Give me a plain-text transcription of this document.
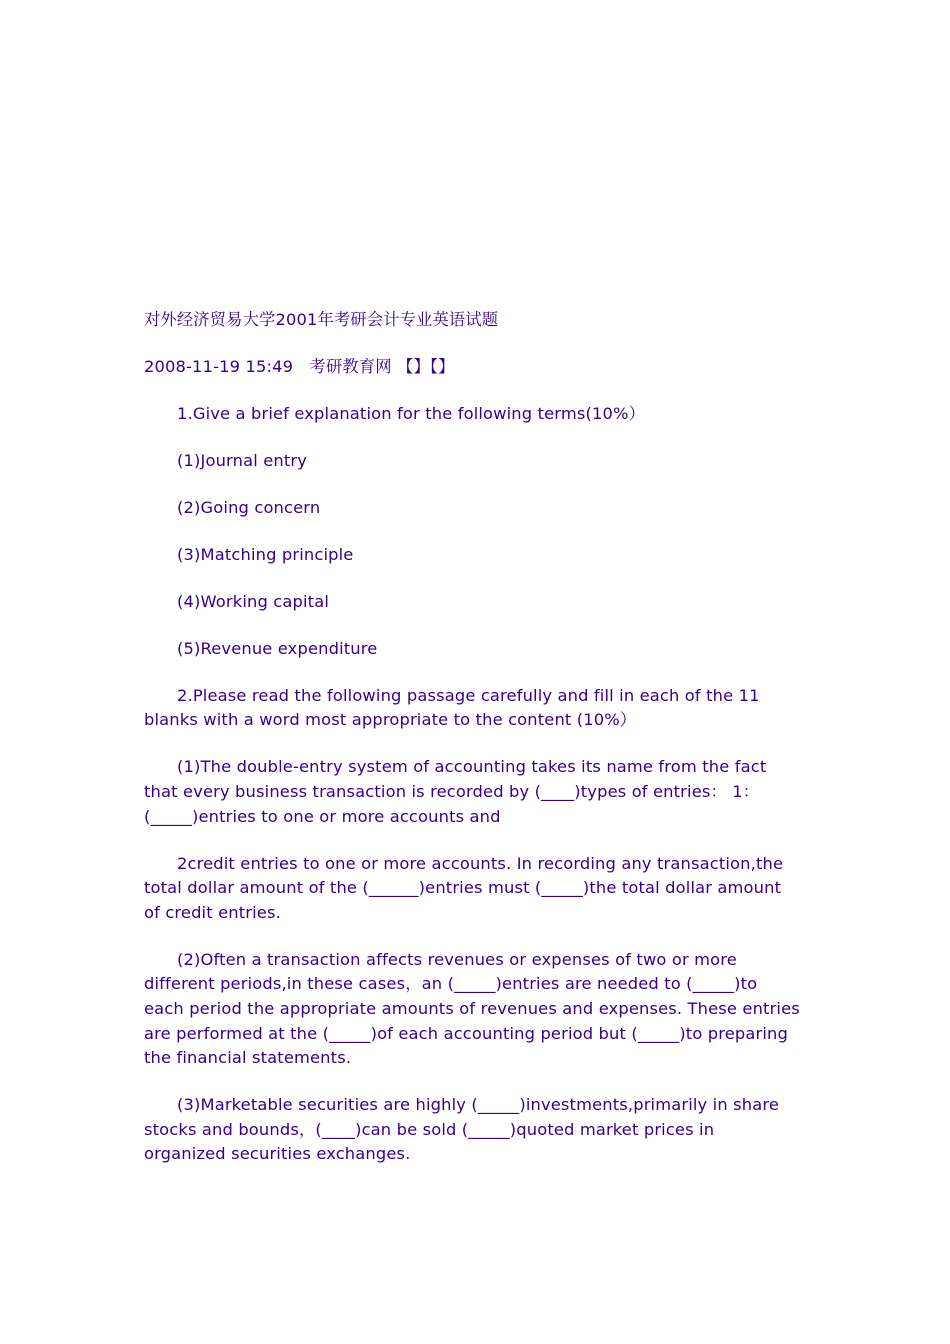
对外经济贸易大学2001年考研会计专业英语试题

2008-11-19 15:49　考研教育网 【】【】

1.Give a brief explanation for the following terms(10%）

(1)Journal entry

(2)Going concern

(3)Matching principle

(4)Working capital

(5)Revenue expenditure

2.Please read the following passage carefully and fill in each of the 11 blanks with a word most appropriate to the content (10%）

(1)The double-entry system of accounting takes its name from the fact that every business transaction is recorded by (____)types of entries： 1：(_____)entries to one or more accounts and

2credit entries to one or more accounts. In recording any transaction,the total dollar amount of the (______)entries must (_____)the total dollar amount of credit entries.

(2)Often a transaction affects revenues or expenses of two or more different periods,in these cases，an (_____)entries are needed to (_____)to each period the appropriate amounts of revenues and expenses. These entries are performed at the (_____)of each accounting period but (_____)to preparing the financial statements.

(3)Marketable securities are highly (_____)investments,primarily in share stocks and bounds，(____)can be sold (_____)quoted market prices in organized securities exchanges.
